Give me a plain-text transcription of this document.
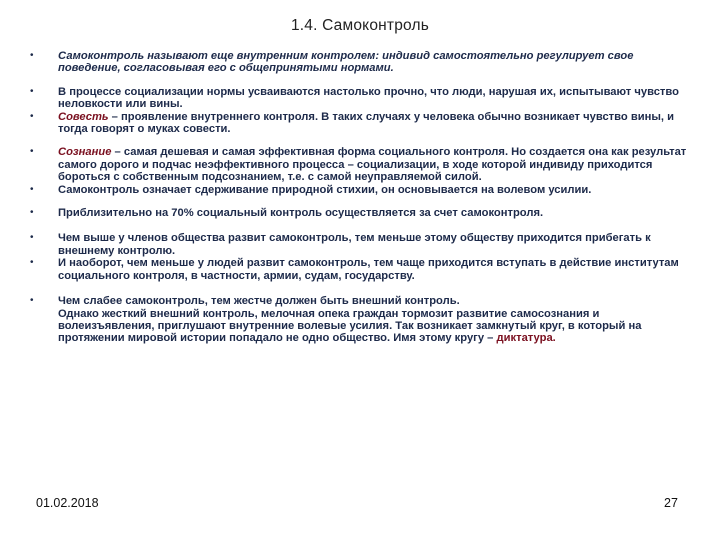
1.4. Самоконтроль
• Самоконтроль называют еще внутренним контролем: индивид самостоятельно регулирует свое поведение, согласовывая его с общепринятыми нормами.
• В процессе социализации нормы усваиваются настолько прочно, что люди, нарушая их, испытывают чувство неловкости или вины.
• Совесть – проявление внутреннего контроля. В таких случаях у человека обычно возникает чувство вины, и тогда говорят о муках совести.
• Сознание – самая дешевая и самая эффективная форма социального контроля. Но создается она как результат самого дорого и подчас неэффективного процесса – социализации, в ходе которой индивиду приходится бороться с собственным подсознанием, т.е. с самой неуправляемой силой.
• Самоконтроль означает сдерживание природной стихии, он основывается на волевом усилии.
• Приблизительно на 70% социальный контроль осуществляется за счет самоконтроля.
• Чем выше у членов общества развит самоконтроль, тем меньше этому обществу приходится прибегать к внешнему контролю.
• И наоборот, чем меньше у людей развит самоконтроль, тем чаще приходится вступать в действие институтам социального контроля, в частности, армии, судам, государству.
• Чем слабее самоконтроль, тем жестче должен быть внешний контроль.
Однако жесткий внешний контроль, мелочная опека граждан тормозит развитие самосознания и волеизъявления, приглушают внутренние волевые усилия. Так возникает замкнутый круг, в который на протяжении мировой истории попадало не одно общество. Имя этому кругу – диктатура.
01.02.2018	27
